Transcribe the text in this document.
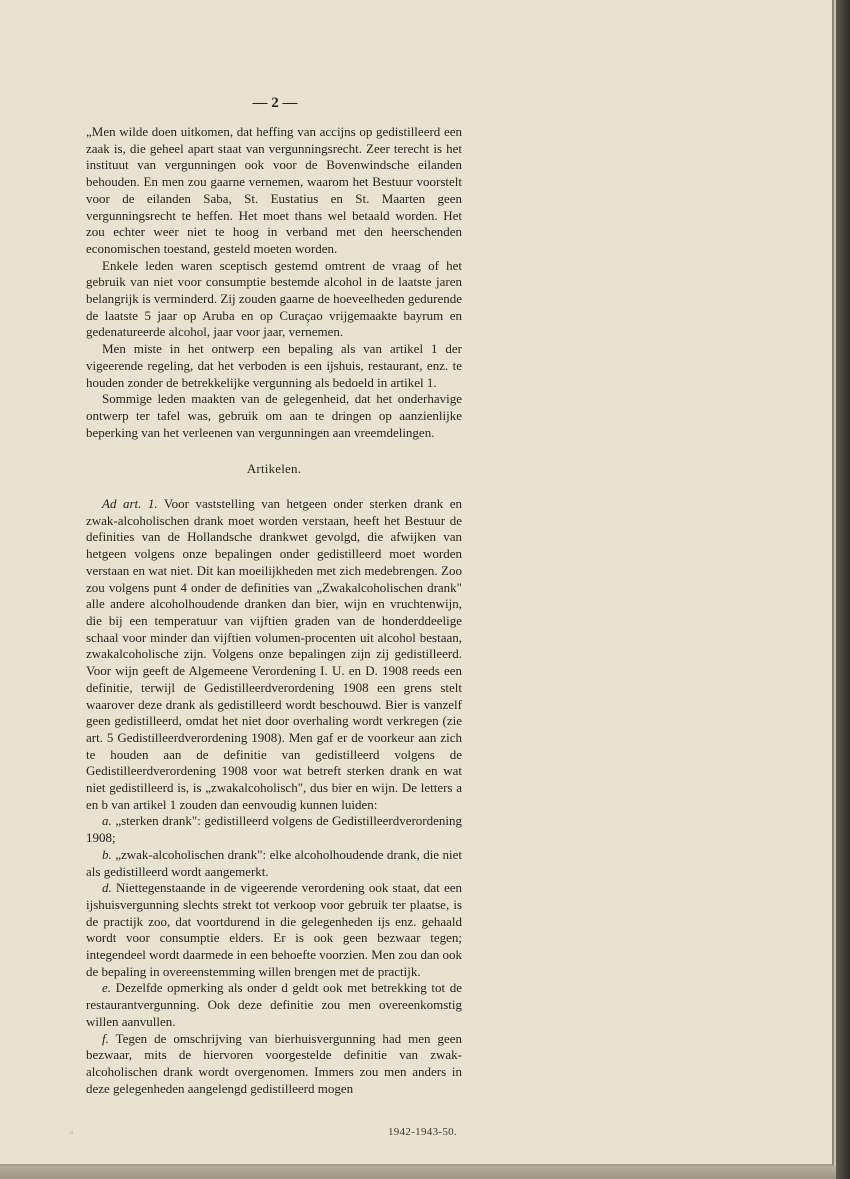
— 2 —

„Men wilde doen uitkomen, dat heffing van accijns op gedistilleerd een zaak is, die geheel apart staat van vergunningsrecht. Zeer terecht is het instituut van vergunningen ook voor de Bovenwindsche eilanden behouden. En men zou gaarne vernemen, waarom het Bestuur voorstelt voor de eilanden Saba, St. Eustatius en St. Maarten geen vergunningsrecht te heffen. Het moet thans wel betaald worden. Het zou echter weer niet te hoog in verband met den heerschenden economischen toestand, gesteld moeten worden.

Enkele leden waren sceptisch gestemd omtrent de vraag of het gebruik van niet voor consumptie bestemde alcohol in de laatste jaren belangrijk is verminderd. Zij zouden gaarne de hoeveelheden gedurende de laatste 5 jaar op Aruba en op Curaçao vrijgemaakte bayrum en gedenatureerde alcohol, jaar voor jaar, vernemen.

Men miste in het ontwerp een bepaling als van artikel 1 der vigeerende regeling, dat het verboden is een ijshuis, restaurant, enz. te houden zonder de betrekkelijke vergunning als bedoeld in artikel 1.

Sommige leden maakten van de gelegenheid, dat het onderhavige ontwerp ter tafel was, gebruik om aan te dringen op aanzienlijke beperking van het verleenen van vergunningen aan vreemdelingen.

Artikelen.

Ad art. 1. Voor vaststelling van hetgeen onder sterken drank en zwak-alcoholischen drank moet worden verstaan, heeft het Bestuur de definities van de Hollandsche drankwet gevolgd, die afwijken van hetgeen volgens onze bepalingen onder gedistilleerd moet worden verstaan en wat niet. Dit kan moeilijkheden met zich medebrengen. Zoo zou volgens punt 4 onder de definities van „Zwakalcoholischen drank" alle andere alcoholhoudende dranken dan bier, wijn en vruchtenwijn, die bij een temperatuur van vijftien graden van de honderddeelige schaal voor minder dan vijftien volumen-procenten uit alcohol bestaan, zwakalcoholische zijn. Volgens onze bepalingen zijn zij gedistilleerd. Voor wijn geeft de Algemeene Verordening I. U. en D. 1908 reeds een definitie, terwijl de Gedistilleerdverordening 1908 een grens stelt waarover deze drank als gedistilleerd wordt beschouwd. Bier is vanzelf geen gedistilleerd, omdat het niet door overhaling wordt verkregen (zie art. 5 Gedistilleerdverordening 1908). Men gaf er de voorkeur aan zich te houden aan de definitie van gedistilleerd volgens de Gedistilleerdverordening 1908 voor wat betreft sterken drank en wat niet gedistilleerd is, is „zwakalcoholisch", dus bier en wijn. De letters a en b van artikel 1 zouden dan eenvoudig kunnen luiden:

a. „sterken drank": gedistilleerd volgens de Gedistilleerdverordening 1908;

b. „zwak-alcoholischen drank": elke alcoholhoudende drank, die niet als gedistilleerd wordt aangemerkt.

d. Niettegenstaande in de vigeerende verordening ook staat, dat een ijshuisvergunning slechts strekt tot verkoop voor gebruik ter plaatse, is de practijk zoo, dat voortdurend in die gelegenheden ijs enz. gehaald wordt voor consumptie elders. Er is ook geen bezwaar tegen; integendeel wordt daarmede in een behoefte voorzien. Men zou dan ook de bepaling in overeenstemming willen brengen met de practijk.

e. Dezelfde opmerking als onder d geldt ook met betrekking tot de restaurantvergunning. Ook deze definitie zou men overeenkomstig willen aanvullen.

f. Tegen de omschrijving van bierhuisvergunning had men geen bezwaar, mits de hiervoren voorgestelde definitie van zwak-alcoholischen drank wordt overgenomen. Immers zou men anders in deze gelegenheden aangelengd gedistilleerd mogen

▫	1942-1943-50.
